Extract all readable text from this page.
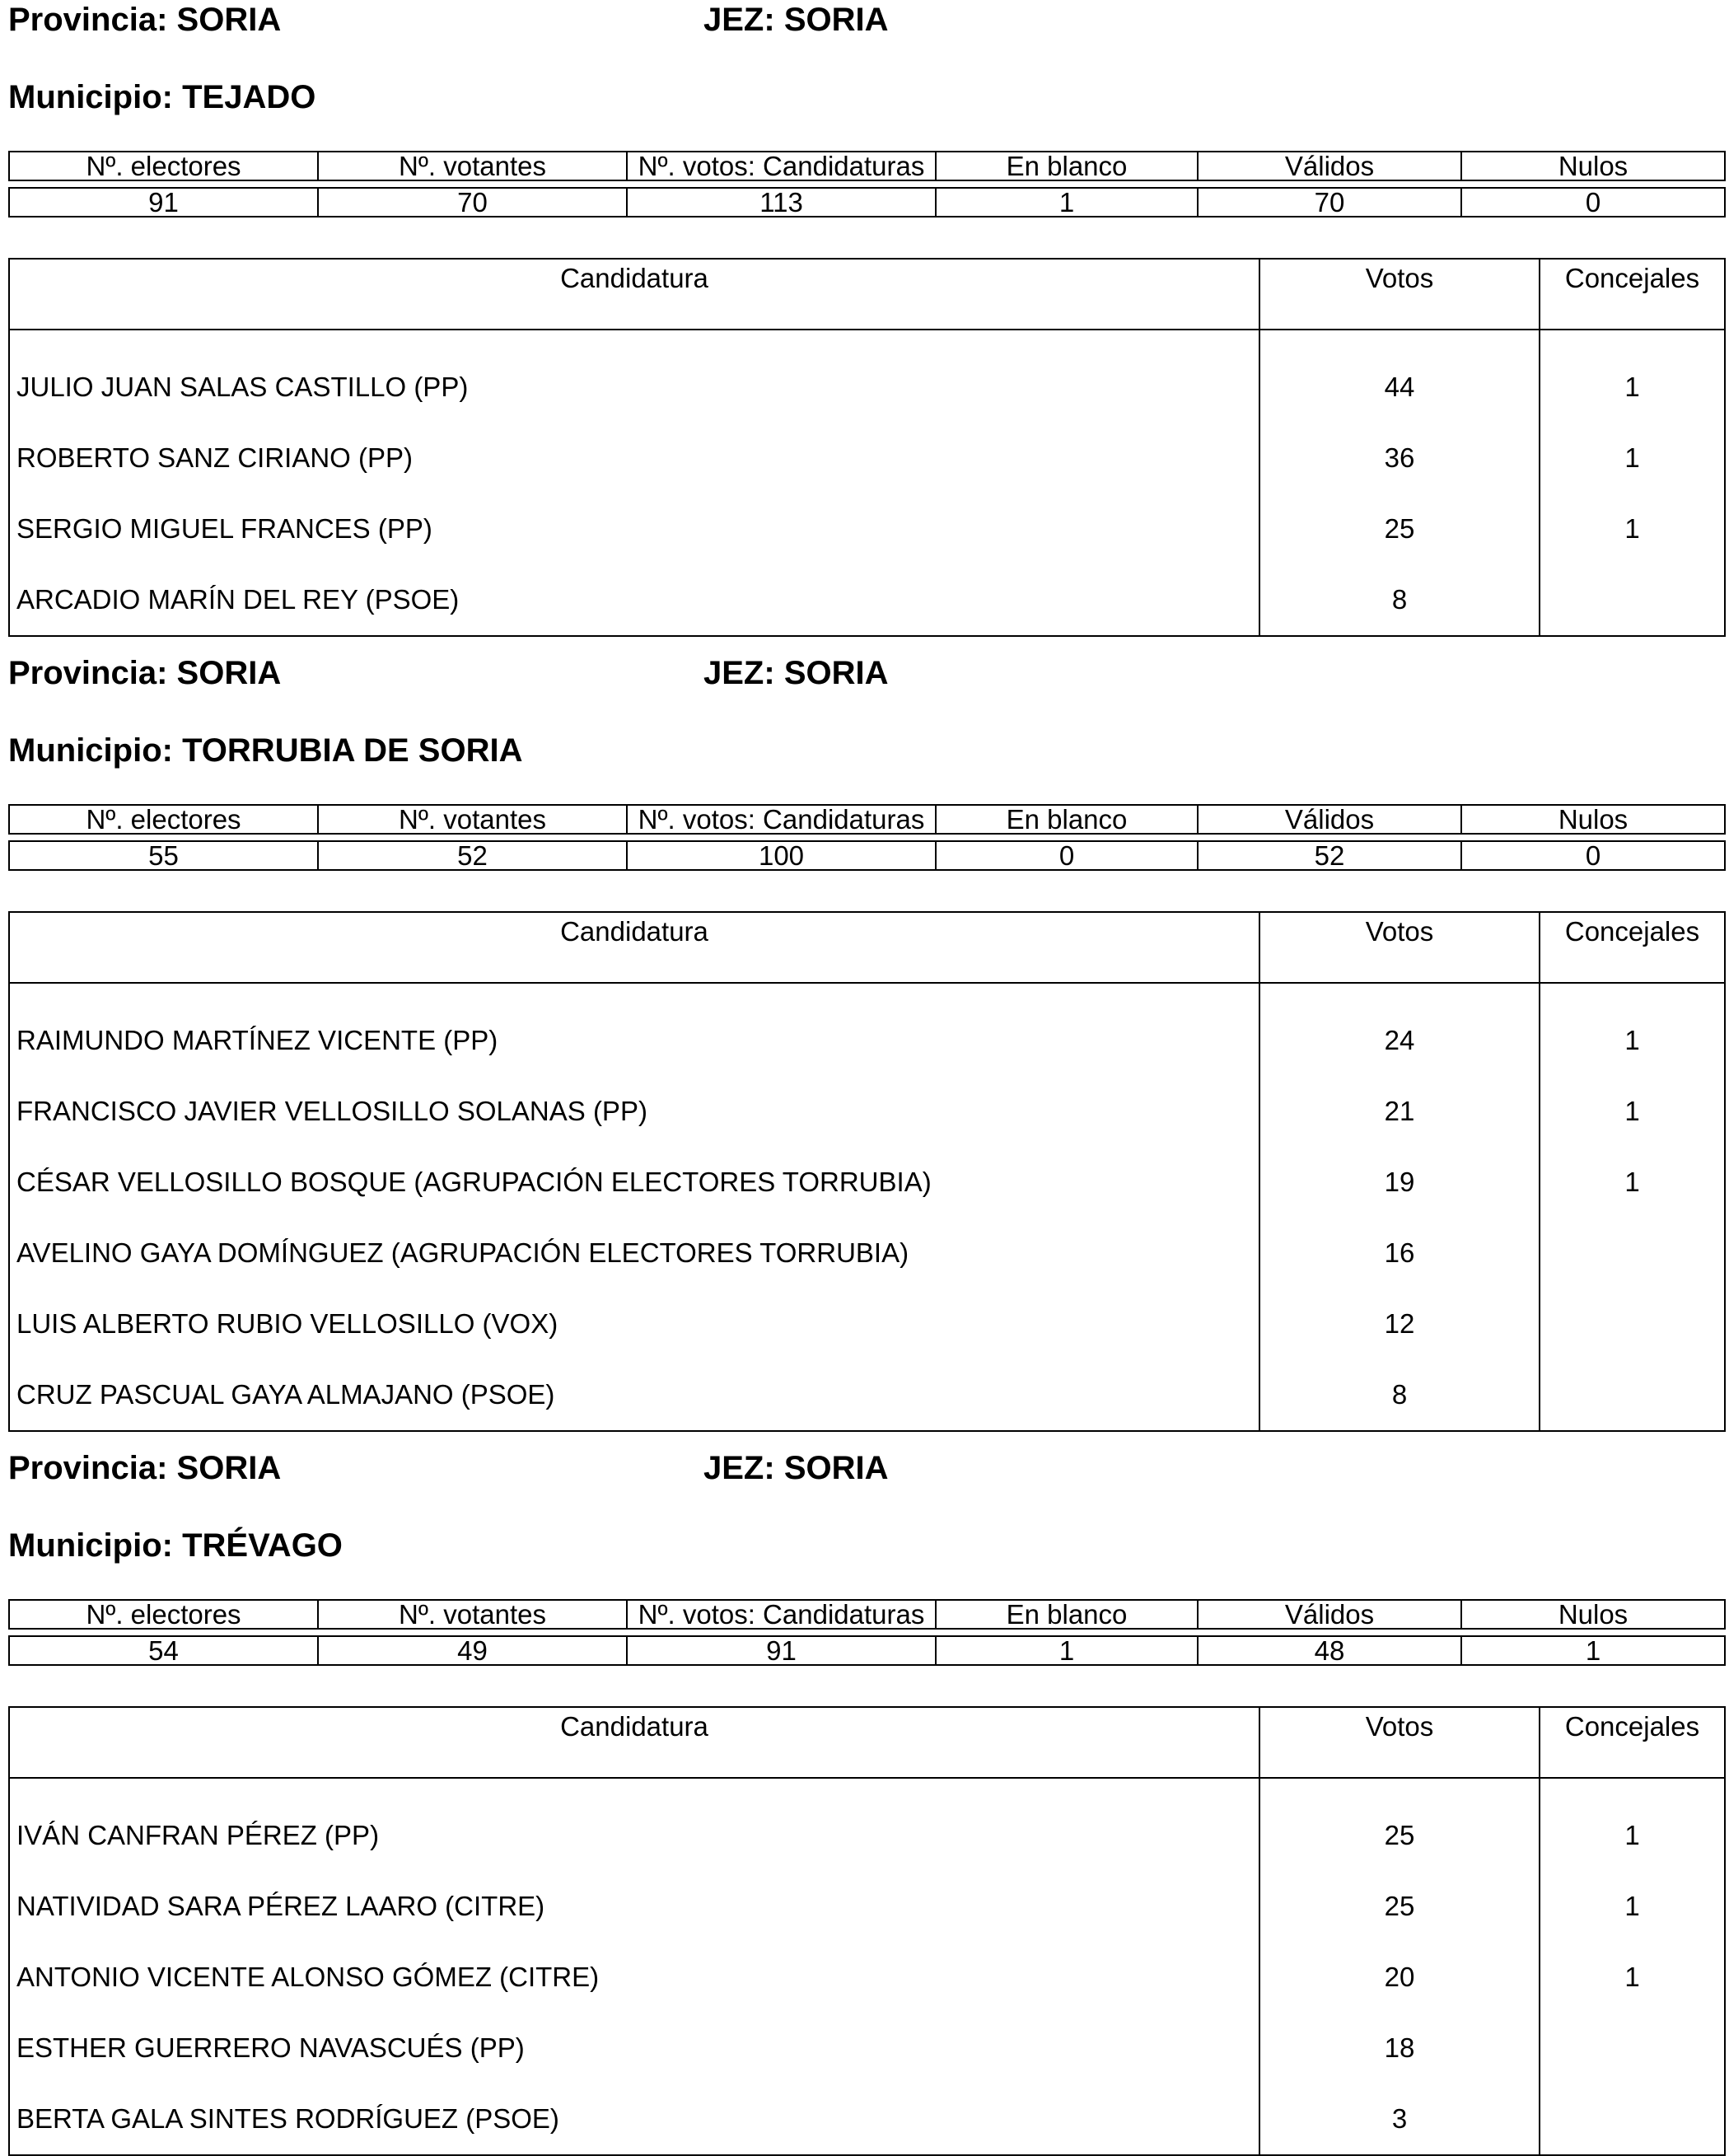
Provincia: SORIA	JEZ: SORIA
Municipio: TEJADO
Nº. electores	Nº. votantes	Nº. votos: Candidaturas	En blanco	Válidos	Nulos
91	70	113	1	70	0
Candidatura	Votos	Concejales
JULIO JUAN SALAS CASTILLO (PP)	44	1
ROBERTO SANZ CIRIANO (PP)	36	1
SERGIO MIGUEL FRANCES (PP)	25	1
ARCADIO MARÍN DEL REY (PSOE)	8	
Provincia: SORIA	JEZ: SORIA
Municipio: TORRUBIA DE SORIA
Nº. electores	Nº. votantes	Nº. votos: Candidaturas	En blanco	Válidos	Nulos
55	52	100	0	52	0
Candidatura	Votos	Concejales
RAIMUNDO MARTÍNEZ VICENTE (PP)	24	1
FRANCISCO JAVIER VELLOSILLO SOLANAS (PP)	21	1
CÉSAR VELLOSILLO BOSQUE (AGRUPACIÓN ELECTORES TORRUBIA)	19	1
AVELINO GAYA DOMÍNGUEZ (AGRUPACIÓN ELECTORES TORRUBIA)	16	
LUIS ALBERTO RUBIO VELLOSILLO (VOX)	12	
CRUZ PASCUAL GAYA ALMAJANO (PSOE)	8	
Provincia: SORIA	JEZ: SORIA
Municipio: TRÉVAGO
Nº. electores	Nº. votantes	Nº. votos: Candidaturas	En blanco	Válidos	Nulos
54	49	91	1	48	1
Candidatura	Votos	Concejales
IVÁN CANFRAN PÉREZ (PP)	25	1
NATIVIDAD SARA PÉREZ LAARO (CITRE)	25	1
ANTONIO VICENTE ALONSO GÓMEZ (CITRE)	20	1
ESTHER GUERRERO NAVASCUÉS (PP)	18	
BERTA GALA SINTES RODRÍGUEZ (PSOE)	3	
